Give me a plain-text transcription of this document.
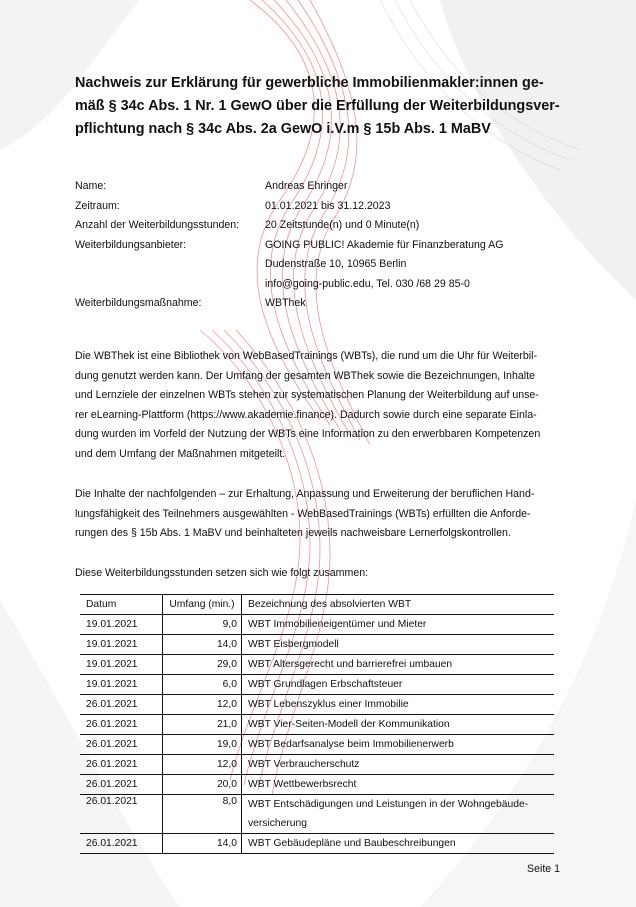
Nachweis zur Erklärung für gewerbliche Immobilienmakler:innen ge-
mäß § 34c Abs. 1 Nr. 1 GewO über die Erfüllung der Weiterbildungsver-
pflichtung nach § 34c Abs. 2a GewO i.V.m § 15b Abs. 1 MaBV
Name:	Andreas Ehringer
Zeitraum:	01.01.2021 bis 31.12.2023
Anzahl der Weiterbildungsstunden: 20 Zeitstunde(n) und 0 Minute(n)
Weiterbildungsanbieter:	GOING PUBLIC! Akademie für Finanzberatung AG
Dudenstraße 10, 10965 Berlin
info@going-public.edu, Tel. 030 /68 29 85-0
Weiterbildungsmaßnahme:	WBThek
Die WBThek ist eine Bibliothek von WebBasedTrainings (WBTs), die rund um die Uhr für Weiterbil-
dung genutzt werden kann. Der Umfang der gesamten WBThek sowie die Bezeichnungen, Inhalte
und Lernziele der einzelnen WBTs stehen zur systematischen Planung der Weiterbildung auf unse-
rer eLearning-Plattform (https://www.akademie.finance). Dadurch sowie durch eine separate Einla-
dung wurden im Vorfeld der Nutzung der WBTs eine Information zu den erwerbbaren Kompetenzen
und dem Umfang der Maßnahmen mitgeteilt.
Die Inhalte der nachfolgenden – zur Erhaltung, Anpassung und Erweiterung der beruflichen Hand-
lungsfähigkeit des Teilnehmers ausgewählten - WebBasedTrainings (WBTs) erfüllten die Anforde-
rungen des § 15b Abs. 1 MaBV und beinhalteten jeweils nachweisbare Lernerfolgskontrollen.
Diese Weiterbildungsstunden setzen sich wie folgt zusammen:
Datum	Umfang (min.)	Bezeichnung des absolvierten WBT
19.01.2021	9,0	WBT Immobilieneigentümer und Mieter

19.01.2021	14,0	WBT Eisbergmodell

19.01.2021	29,0	WBT Altersgerecht und barrierefrei umbauen

19.01.2021	6,0	WBT Grundlagen Erbschaftsteuer

26.01.2021	12,0	WBT Lebenszyklus einer Immobilie

26.01.2021	21,0	WBT Vier-Seiten-Modell der Kommunikation

26.01.2021	19,0	WBT Bedarfsanalyse beim Immobilienerwerb

26.01.2021	12,0	WBT Verbraucherschutz

26.01.2021	20,0	WBT Wettbewerbsrecht

26.01.2021	8,0	WBT Entschädigungen und Leistungen in der Wohngebäude-
versicherung

26.01.2021	14,0	WBT Gebäudepläne und Baubeschreibungen
Seite 1
